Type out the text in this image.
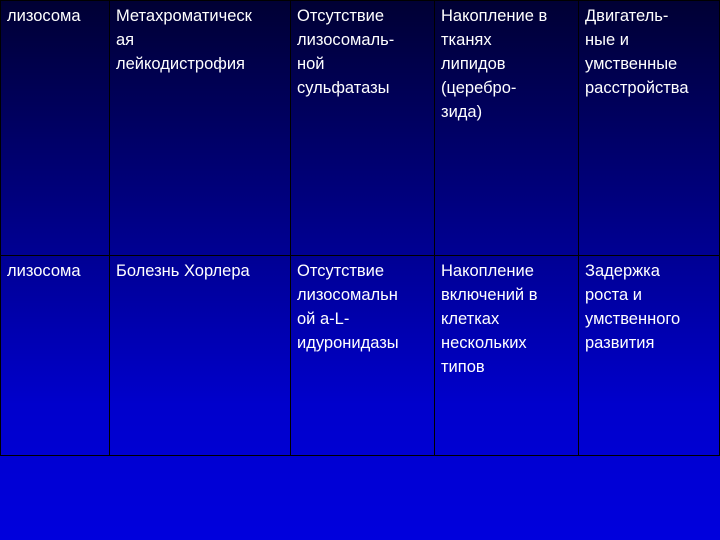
лизосома	Метахроматическ
ая
лейкодистрофия	Отсутствие
лизосомаль-
ной
сульфатазы	Накопление в
тканях
липидов
(церебро-
зида)	Двигатель-
ные и
умственные
расстройства

лизосома	Болезнь Хорлера	Отсутствие
лизосомальн
ой а-L-
идуронидазы	Накопление
включений в
клетках
нескольких
типов	Задержка
роста и
умственного
развития
